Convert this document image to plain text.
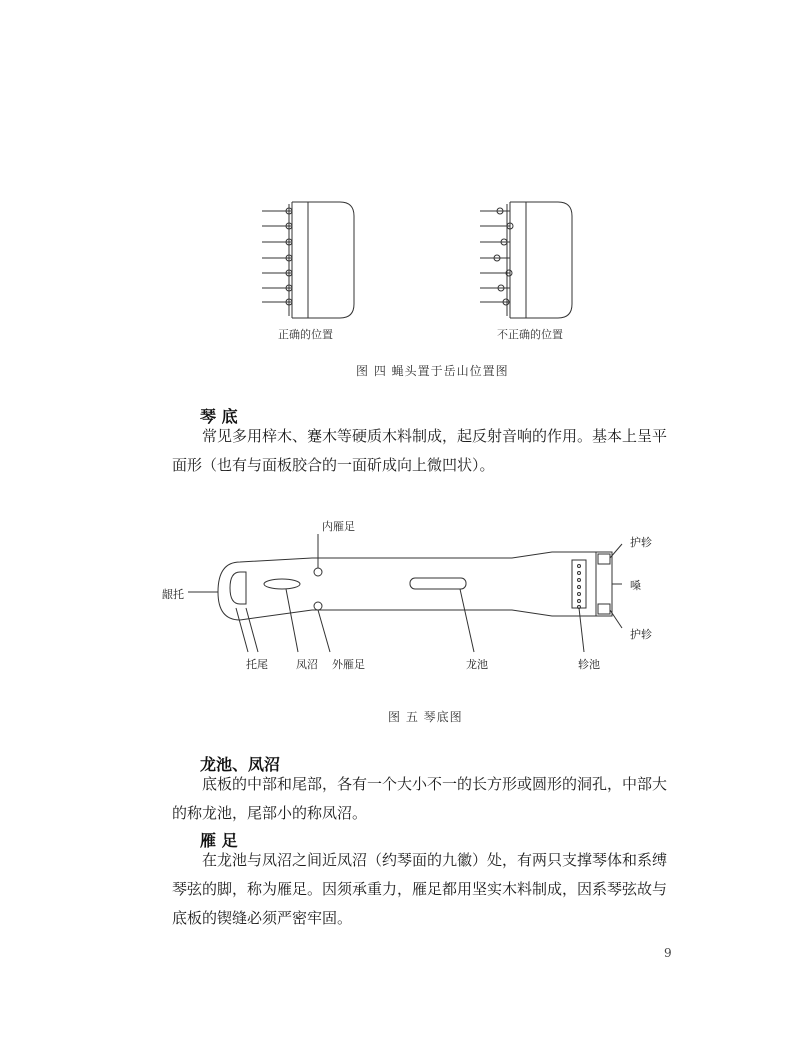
正确的位置	不正确的位置
图 四 蝇头置于岳山位置图
琴 底
常见多用梓木、蹇木等硬质木料制成，起反射音响的作用。基本上呈平面形（也有与面板胶合的一面斫成向上微凹状）。
内雁足
护轸
嗓
护轸
龈托
托尾	凤沼 外雁足	龙池	轸池
图 五 琴底图
龙池、凤沼
底板的中部和尾部，各有一个大小不一的长方形或圆形的洞孔，中部大的称龙池，尾部小的称凤沼。
雁 足
在龙池与凤沼之间近凤沼（约琴面的九徽）处，有两只支撑琴体和系缚琴弦的脚，称为雁足。因须承重力，雁足都用坚实木料制成，因系琴弦故与底板的锲缝必须严密牢固。
9
